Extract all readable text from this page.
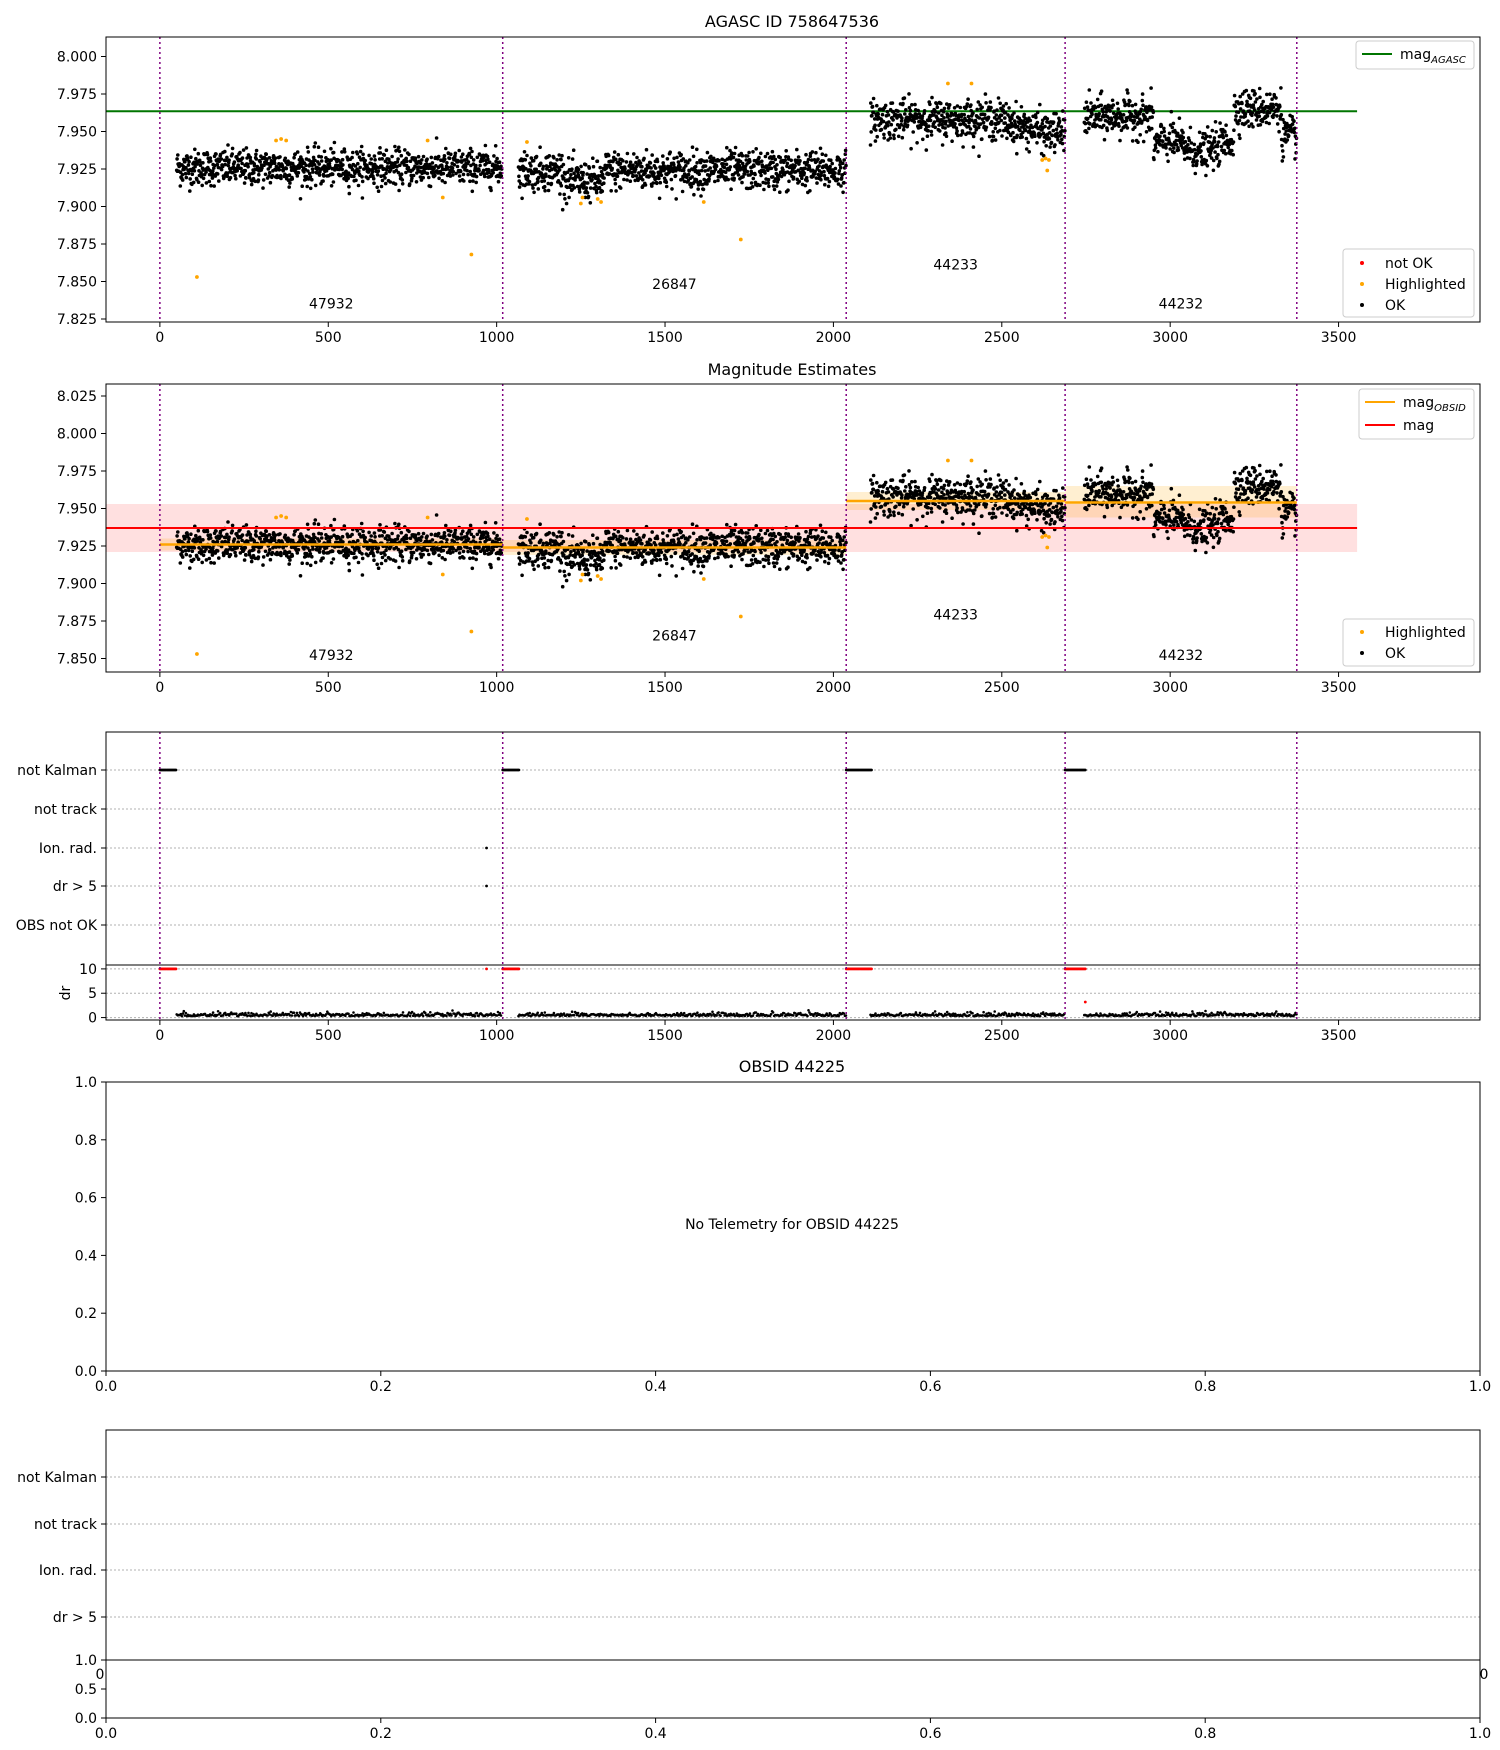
AGASC ID 758647536
47932
26847
44233
44232
0	500	1000	1500	2000	2500	3000	3500
7.825
7.850
7.875
7.900
7.925
7.950
7.975
8.000	mag$_{AGASC}$
not OK
Highlighted
OK
Magnitude Estimates
47932
26847
44233
44232
0	500	1000	1500	2000	2500	3000	3500
7.850
7.875
7.900
7.925
7.950
7.975
8.000
8.025	mag$_{OBSID}$
mag
Highlighted
OK
not Kalman
not track
Ion. rad.
dr > 5
OBS not OK
0
5
10
0	500	1000	1500	2000	2500	3000	3500
dr
OBSID 44225
No Telemetry for OBSID 44225
0.0	0.2	0.4	0.6	0.8	1.0
0.0
0.2
0.4
0.6
0.8
1.0
not Kalman
not track
Ion. rad.
dr > 5
0.0
0.5
1.0
0.0	0.2	0.4	0.6	0.8	1.0
0	0
